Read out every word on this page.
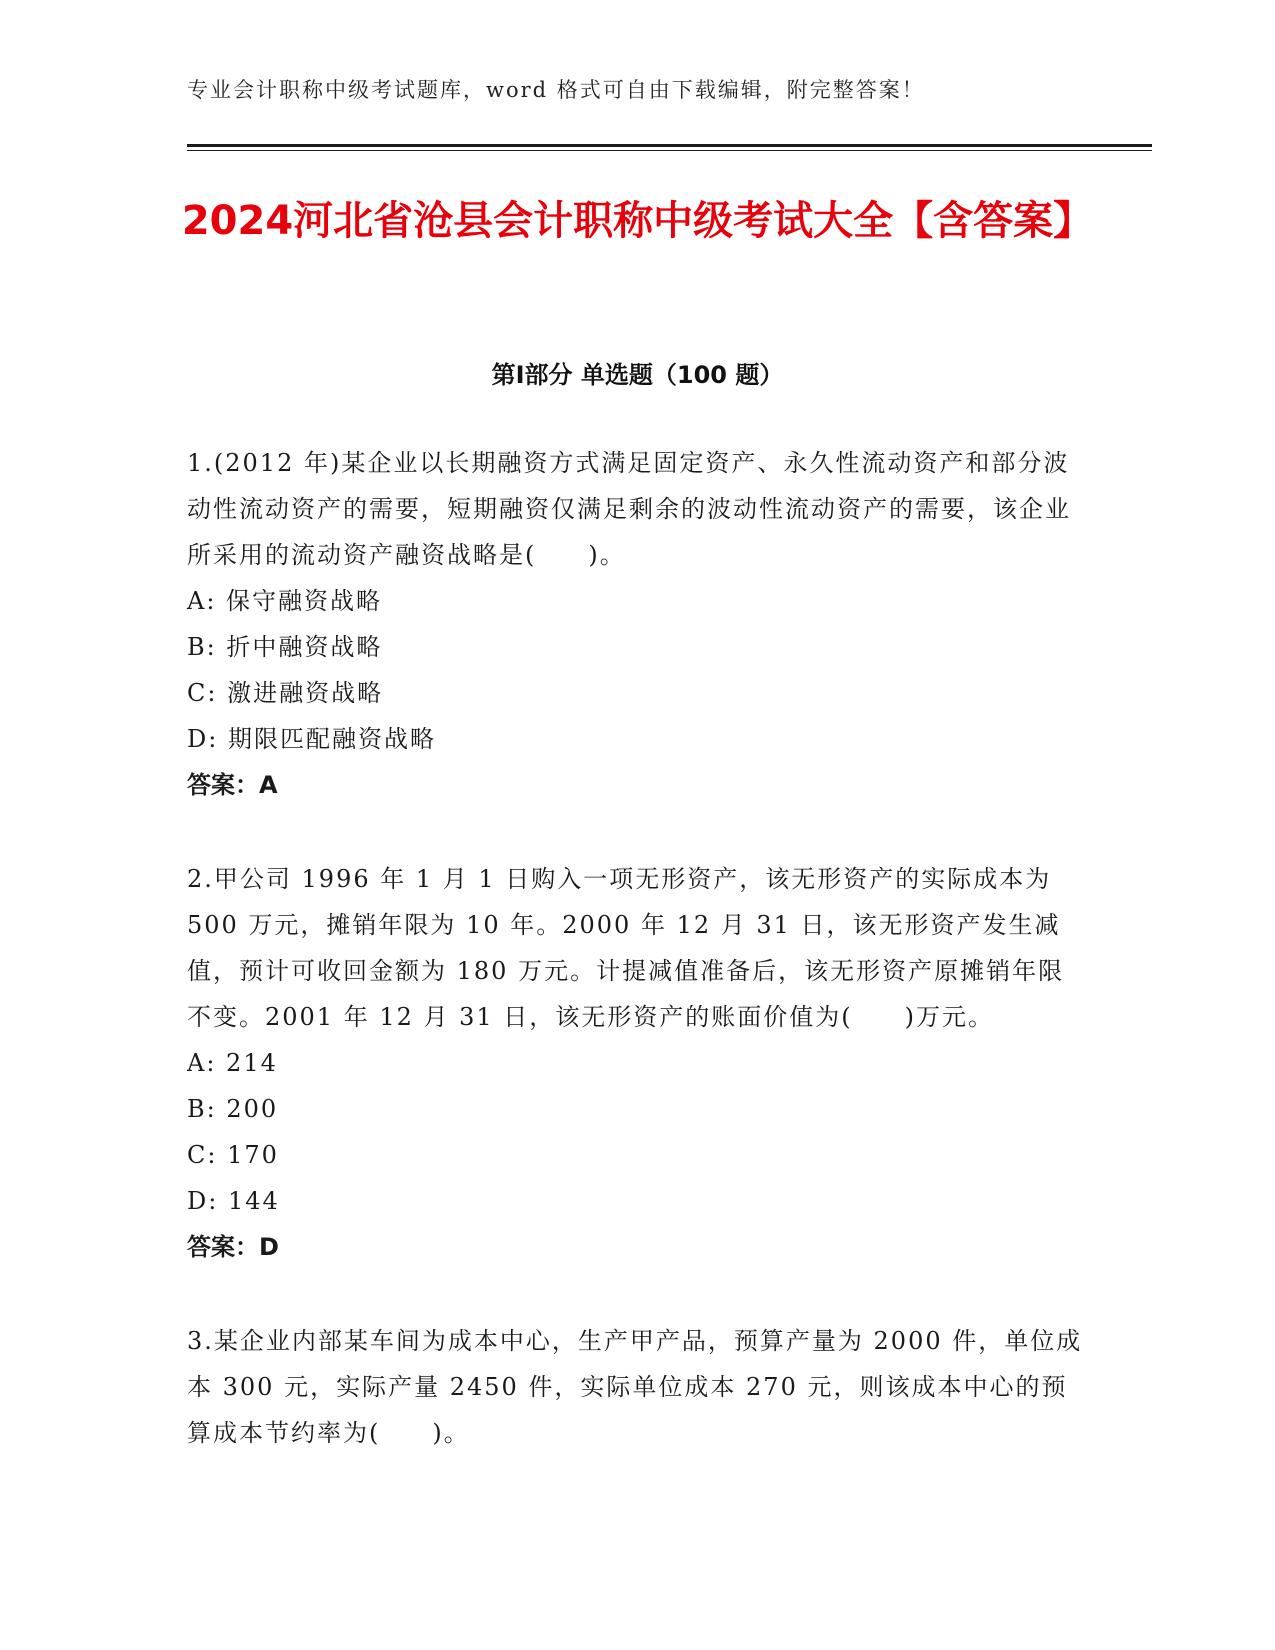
专业会计职称中级考试题库，word 格式可自由下载编辑，附完整答案！
2024河北省沧县会计职称中级考试大全【含答案】
第Ⅰ部分 单选题（100 题）

1.(2012 年)某企业以长期融资方式满足固定资产、永久性流动资产和部分波动性流动资产的需要，短期融资仅满足剩余的波动性流动资产的需要，该企业所采用的流动资产融资战略是(　　)。

A: 保守融资战略

B: 折中融资战略

C: 激进融资战略

D: 期限匹配融资战略

答案：A

2.甲公司 1996 年 1 月 1 日购入一项无形资产，该无形资产的实际成本为 500 万元，摊销年限为 10 年。2000 年 12 月 31 日，该无形资产发生减值，预计可收回金额为 180 万元。计提减值准备后，该无形资产原摊销年限不变。2001 年 12 月 31 日，该无形资产的账面价值为(　　)万元。

A: 214

B: 200

C: 170

D: 144

答案：D

3.某企业内部某车间为成本中心，生产甲产品，预算产量为 2000 件，单位成本 300 元，实际产量 2450 件，实际单位成本 270 元，则该成本中心的预算成本节约率为(　　)。
